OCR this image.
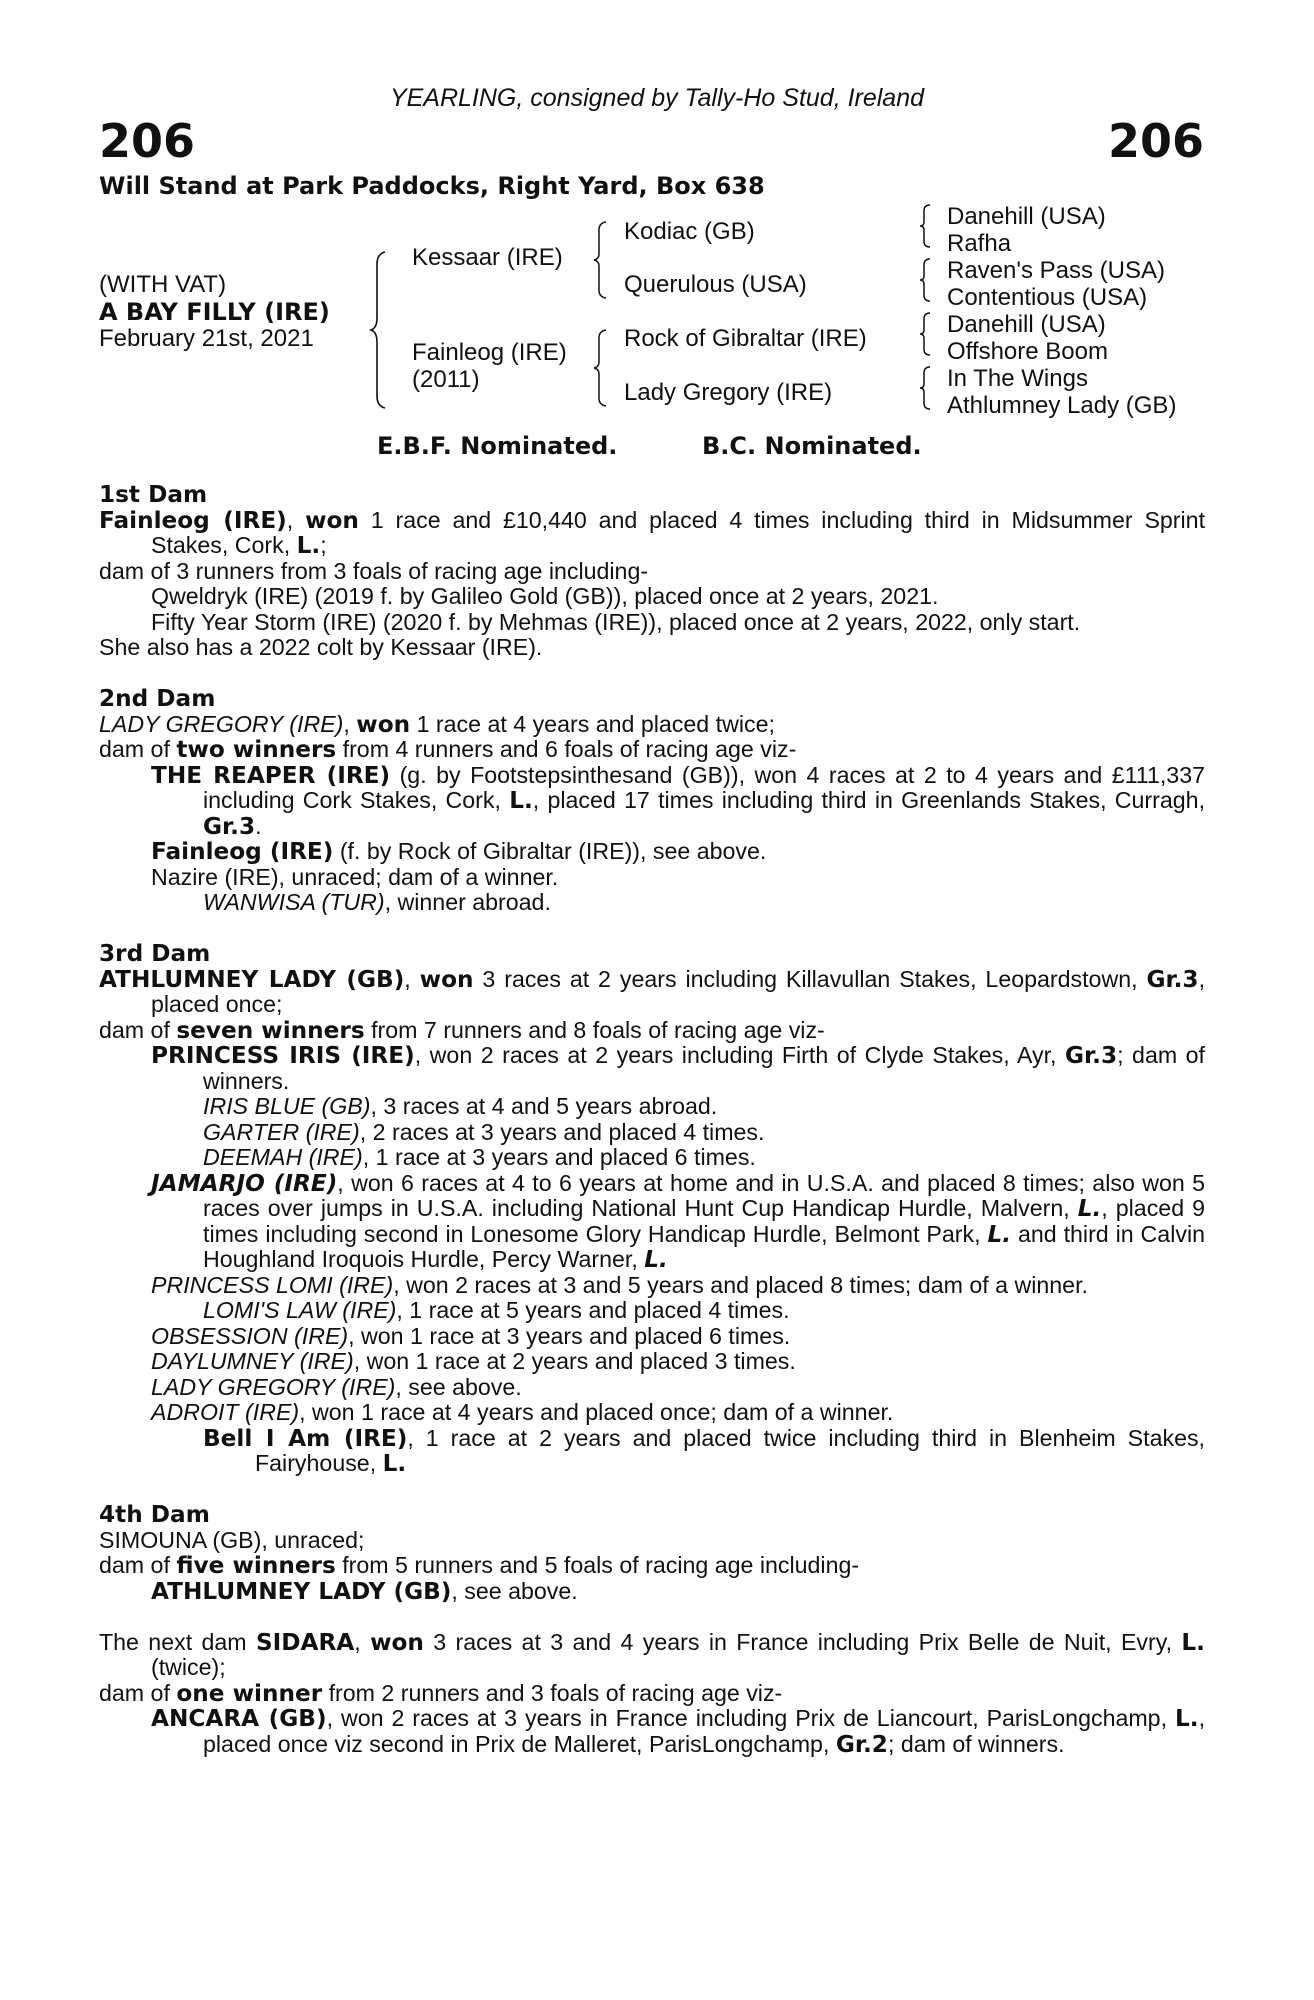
YEARLING, consigned by Tally-Ho Stud, Ireland
206	206
Will Stand at Park Paddocks, Right Yard, Box 638
(WITH VAT)
A BAY FILLY (IRE)
February 21st, 2021
Kessaar (IRE)
Fainleog (IRE)
(2011)
Kodiac (GB)
Querulous (USA)
Rock of Gibraltar (IRE)
Lady Gregory (IRE)
Danehill (USA)
Rafha
Raven's Pass (USA)
Contentious (USA)
Danehill (USA)
Offshore Boom
In The Wings
Athlumney Lady (GB)
E.B.F. Nominated.	B.C. Nominated.
1st Dam
Fainleog (IRE), won 1 race and £10,440 and placed 4 times including third in Midsummer Sprint Stakes, Cork, L.;
dam of 3 runners from 3 foals of racing age including-
Qweldryk (IRE) (2019 f. by Galileo Gold (GB)), placed once at 2 years, 2021.
Fifty Year Storm (IRE) (2020 f. by Mehmas (IRE)), placed once at 2 years, 2022, only start.
She also has a 2022 colt by Kessaar (IRE).
2nd Dam
LADY GREGORY (IRE), won 1 race at 4 years and placed twice;
dam of two winners from 4 runners and 6 foals of racing age viz-
THE REAPER (IRE) (g. by Footstepsinthesand (GB)), won 4 races at 2 to 4 years and £111,337 including Cork Stakes, Cork, L., placed 17 times including third in Greenlands Stakes, Curragh, Gr.3.
Fainleog (IRE) (f. by Rock of Gibraltar (IRE)), see above.
Nazire (IRE), unraced; dam of a winner.
WANWISA (TUR), winner abroad.
3rd Dam
ATHLUMNEY LADY (GB), won 3 races at 2 years including Killavullan Stakes, Leopardstown, Gr.3, placed once;
dam of seven winners from 7 runners and 8 foals of racing age viz-
PRINCESS IRIS (IRE), won 2 races at 2 years including Firth of Clyde Stakes, Ayr, Gr.3; dam of winners.
IRIS BLUE (GB), 3 races at 4 and 5 years abroad.
GARTER (IRE), 2 races at 3 years and placed 4 times.
DEEMAH (IRE), 1 race at 3 years and placed 6 times.
JAMARJO (IRE), won 6 races at 4 to 6 years at home and in U.S.A. and placed 8 times; also won 5 races over jumps in U.S.A. including National Hunt Cup Handicap Hurdle, Malvern, L., placed 9 times including second in Lonesome Glory Handicap Hurdle, Belmont Park, L. and third in Calvin Houghland Iroquois Hurdle, Percy Warner, L.
PRINCESS LOMI (IRE), won 2 races at 3 and 5 years and placed 8 times; dam of a winner.
LOMI'S LAW (IRE), 1 race at 5 years and placed 4 times.
OBSESSION (IRE), won 1 race at 3 years and placed 6 times.
DAYLUMNEY (IRE), won 1 race at 2 years and placed 3 times.
LADY GREGORY (IRE), see above.
ADROIT (IRE), won 1 race at 4 years and placed once; dam of a winner.
Bell I Am (IRE), 1 race at 2 years and placed twice including third in Blenheim Stakes, Fairyhouse, L.
4th Dam
SIMOUNA (GB), unraced;
dam of five winners from 5 runners and 5 foals of racing age including-
ATHLUMNEY LADY (GB), see above.
The next dam SIDARA, won 3 races at 3 and 4 years in France including Prix Belle de Nuit, Evry, L. (twice);
dam of one winner from 2 runners and 3 foals of racing age viz-
ANCARA (GB), won 2 races at 3 years in France including Prix de Liancourt, ParisLongchamp, L., placed once viz second in Prix de Malleret, ParisLongchamp, Gr.2; dam of winners.
